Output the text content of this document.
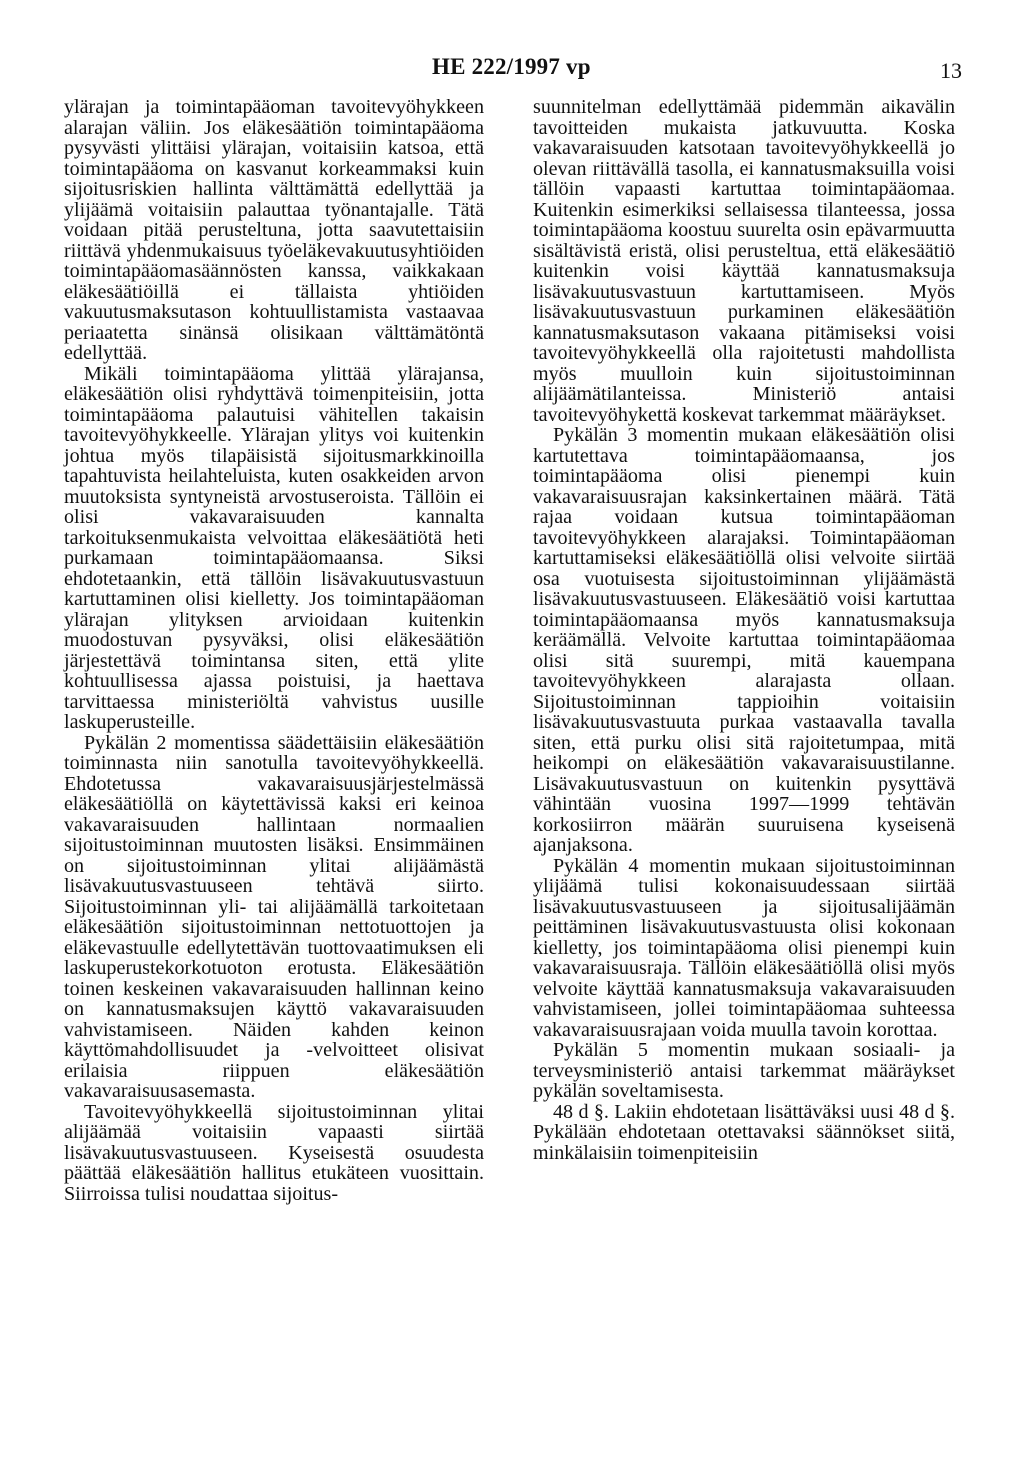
HE 222/1997 vp	13

ylärajan ja toimintapääoman tavoitevyöhykkeen alarajan väliin. Jos eläkesäätiön toimintapääoma pysyvästi ylittäisi ylärajan, voitaisiin katsoa, että toimintapääoma on kasvanut korkeammaksi kuin sijoitusriskien hallinta välttämättä edellyttää ja ylijäämä voitaisiin palauttaa työnantajalle. Tätä voidaan pitää perusteltuna, jotta saavutettaisiin riittävä yhdenmukaisuus työeläkevakuutusyhtiöiden toimintapääomasäännösten kanssa, vaikkakaan eläkesäätiöillä ei tällaista yhtiöiden vakuutusmaksutason kohtuullistamista vastaavaa periaatetta sinänsä olisikaan välttämätöntä edellyttää.

Mikäli toimintapääoma ylittää ylärajansa, eläkesäätiön olisi ryhdyttävä toimenpiteisiin, jotta toimintapääoma palautuisi vähitellen takaisin tavoitevyöhykkeelle. Ylärajan ylitys voi kuitenkin johtua myös tilapäisistä sijoitusmarkkinoilla tapahtuvista heilahteluista, kuten osakkeiden arvon muutoksista syntyneistä arvostuseroista. Tällöin ei olisi vakavaraisuuden kannalta tarkoituksenmukaista velvoittaa eläkesäätiötä heti purkamaan toimintapääomaansa. Siksi ehdotetaankin, että tällöin lisävakuutusvastuun kartuttaminen olisi kielletty. Jos toimintapääoman ylärajan ylityksen arvioidaan kuitenkin muodostuvan pysyväksi, olisi eläkesäätiön järjestettävä toimintansa siten, että ylite kohtuullisessa ajassa poistuisi, ja haettava tarvittaessa ministeriöltä vahvistus uusille laskuperusteille.

Pykälän 2 momentissa säädettäisiin eläkesäätiön toiminnasta niin sanotulla tavoitevyöhykkeellä. Ehdotetussa vakavaraisuusjärjestelmässä eläkesäätiöllä on käytettävissä kaksi eri keinoa vakavaraisuuden hallintaan normaalien sijoitustoiminnan muutosten lisäksi. Ensimmäinen on sijoitustoiminnan ylitai alijäämästä lisävakuutusvastuuseen tehtävä siirto. Sijoitustoiminnan yli- tai alijäämällä tarkoitetaan eläkesäätiön sijoitustoiminnan nettotuottojen ja eläkevastuulle edellytettävän tuottovaatimuksen eli laskuperustekorkotuoton erotusta. Eläkesäätiön toinen keskeinen vakavaraisuuden hallinnan keino on kannatusmaksujen käyttö vakavaraisuuden vahvistamiseen. Näiden kahden keinon käyttömahdollisuudet ja -velvoitteet olisivat erilaisia riippuen eläkesäätiön vakavaraisuusasemasta.

Tavoitevyöhykkeellä sijoitustoiminnan ylitai alijäämää voitaisiin vapaasti siirtää lisävakuutusvastuuseen. Kyseisestä osuudesta päättää eläkesäätiön hallitus etukäteen vuosittain. Siirroissa tulisi noudattaa sijoitus-

suunnitelman edellyttämää pidemmän aikavälin tavoitteiden mukaista jatkuvuutta. Koska vakavaraisuuden katsotaan tavoitevyöhykkeellä jo olevan riittävällä tasolla, ei kannatusmaksuilla voisi tällöin vapaasti kartuttaa toimintapääomaa. Kuitenkin esimerkiksi sellaisessa tilanteessa, jossa toimintapääoma koostuu suurelta osin epävarmuutta sisältävistä eristä, olisi perusteltua, että eläkesäätiö kuitenkin voisi käyttää kannatusmaksuja lisävakuutusvastuun kartuttamiseen. Myös lisävakuutusvastuun purkaminen eläkesäätiön kannatusmaksutason vakaana pitämiseksi voisi tavoitevyöhykkeellä olla rajoitetusti mahdollista myös muulloin kuin sijoitustoiminnan alijäämätilanteissa. Ministeriö antaisi tavoitevyöhykettä koskevat tarkemmat määräykset.

Pykälän 3 momentin mukaan eläkesäätiön olisi kartutettava toimintapääomaansa, jos toimintapääoma olisi pienempi kuin vakavaraisuusrajan kaksinkertainen määrä. Tätä rajaa voidaan kutsua toimintapääoman tavoitevyöhykkeen alarajaksi. Toimintapääoman kartuttamiseksi eläkesäätiöllä olisi velvoite siirtää osa vuotuisesta sijoitustoiminnan ylijäämästä lisävakuutusvastuuseen. Eläkesäätiö voisi kartuttaa toimintapääomaansa myös kannatusmaksuja keräämällä. Velvoite kartuttaa toimintapääomaa olisi sitä suurempi, mitä kauempana tavoitevyöhykkeen alarajasta ollaan. Sijoitustoiminnan tappioihin voitaisiin lisävakuutusvastuuta purkaa vastaavalla tavalla siten, että purku olisi sitä rajoitetumpaa, mitä heikompi on eläkesäätiön vakavaraisuustilanne. Lisävakuutusvastuun on kuitenkin pysyttävä vähintään vuosina 1997—1999 tehtävän korkosiirron määrän suuruisena kyseisenä ajanjaksona.

Pykälän 4 momentin mukaan sijoitustoiminnan ylijäämä tulisi kokonaisuudessaan siirtää lisävakuutusvastuuseen ja sijoitusalijäämän peittäminen lisävakuutusvastuusta olisi kokonaan kielletty, jos toimintapääoma olisi pienempi kuin vakavaraisuusraja. Tällöin eläkesäätiöllä olisi myös velvoite käyttää kannatusmaksuja vakavaraisuuden vahvistamiseen, jollei toimintapääomaa suhteessa vakavaraisuusrajaan voida muulla tavoin korottaa.

Pykälän 5 momentin mukaan sosiaali- ja terveysministeriö antaisi tarkemmat määräykset pykälän soveltamisesta.

48 d §. Lakiin ehdotetaan lisättäväksi uusi 48 d §. Pykälään ehdotetaan otettavaksi säännökset siitä, minkälaisiin toimenpiteisiin
